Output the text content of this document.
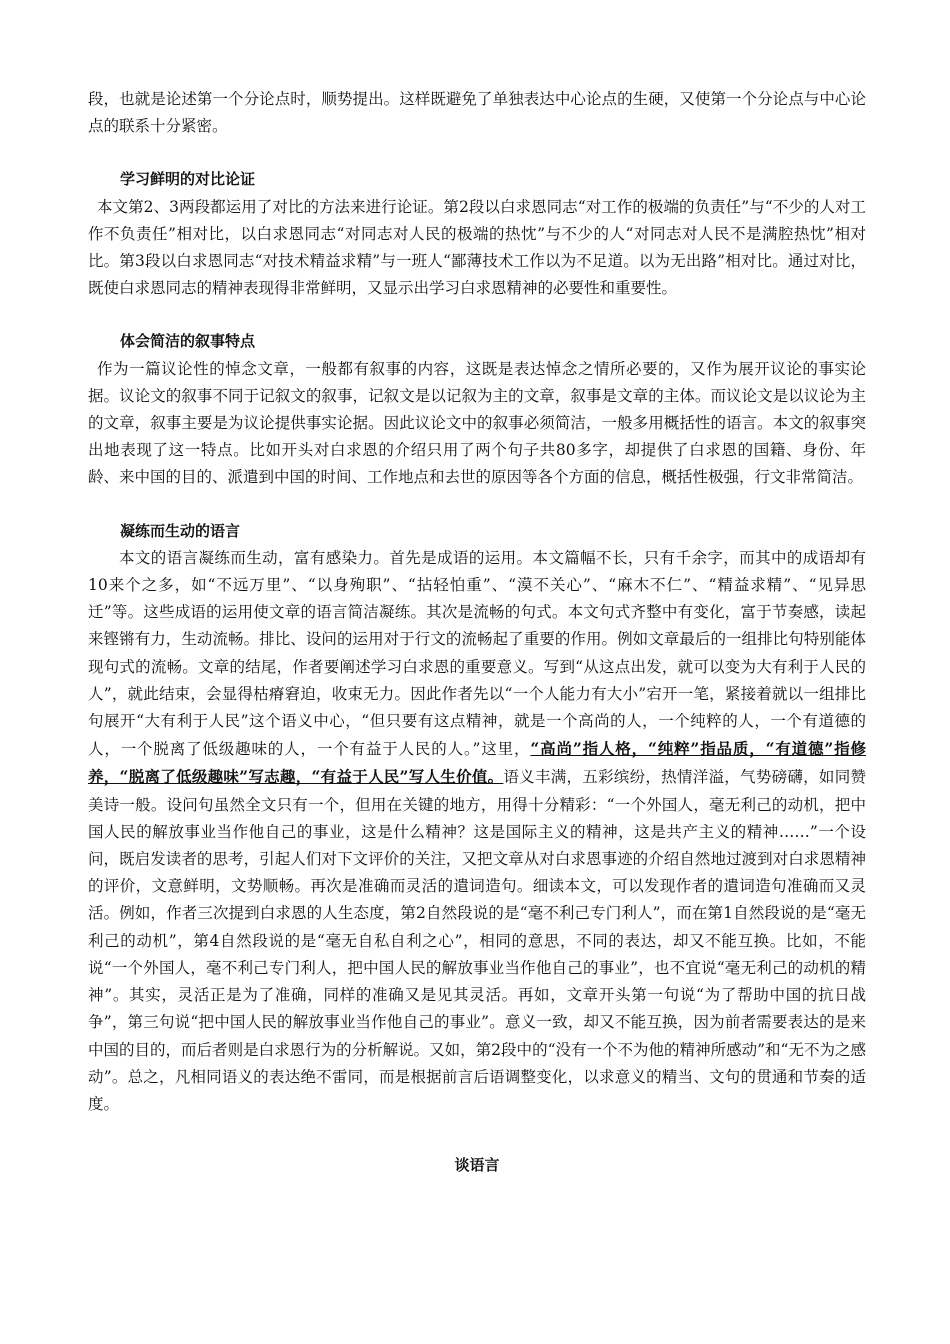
段，也就是论述第一个分论点时，顺势提出。这样既避免了单独表达中心论点的生硬，又使第一个分论点与中心论点的联系十分紧密。

学习鲜明的对比论证

本文第2、3两段都运用了对比的方法来进行论证。第2段以白求恩同志“对工作的极端的负责任”与“不少的人对工作不负责任”相对比，以白求恩同志“对同志对人民的极端的热忱”与不少的人“对同志对人民不是满腔热忱”相对比。第3段以白求恩同志“对技术精益求精”与一班人“鄙薄技术工作以为不足道。以为无出路”相对比。通过对比，既使白求恩同志的精神表现得非常鲜明，又显示出学习白求恩精神的必要性和重要性。

体会简洁的叙事特点

作为一篇议论性的悼念文章，一般都有叙事的内容，这既是表达悼念之情所必要的，又作为展开议论的事实论据。议论文的叙事不同于记叙文的叙事，记叙文是以记叙为主的文章，叙事是文章的主体。而议论文是以议论为主的文章，叙事主要是为议论提供事实论据。因此议论文中的叙事必须简洁，一般多用概括性的语言。本文的叙事突出地表现了这一特点。比如开头对白求恩的介绍只用了两个句子共80多字，却提供了白求恩的国籍、身份、年龄、来中国的目的、派遣到中国的时间、工作地点和去世的原因等各个方面的信息，概括性极强，行文非常简洁。

凝练而生动的语言

本文的语言凝练而生动，富有感染力。首先是成语的运用。本文篇幅不长，只有千余字，而其中的成语却有10来个之多，如“不远万里”、“以身殉职”、“拈轻怕重”、“漠不关心”、“麻木不仁”、“精益求精”、“见异思迁”等。这些成语的运用使文章的语言简洁凝练。其次是流畅的句式。本文句式齐整中有变化，富于节奏感，读起来铿锵有力，生动流畅。排比、设问的运用对于行文的流畅起了重要的作用。例如文章最后的一组排比句特别能体现句式的流畅。文章的结尾，作者要阐述学习白求恩的重要意义。写到“从这点出发，就可以变为大有利于人民的人”，就此结束，会显得枯瘠窘迫，收束无力。因此作者先以“一个人能力有大小”宕开一笔，紧接着就以一组排比句展开“大有利于人民”这个语义中心，“但只要有这点精神，就是一个高尚的人，一个纯粹的人，一个有道德的人，一个脱离了低级趣味的人，一个有益于人民的人。”这里，“高尚”指人格，“纯粹”指品质，“有道德”指修养，“脱离了低级趣味”写志趣，“有益于人民”写人生价值。语义丰满，五彩缤纷，热情洋溢，气势磅礴，如同赞美诗一般。设问句虽然全文只有一个，但用在关键的地方，用得十分精彩：“一个外国人，毫无利己的动机，把中国人民的解放事业当作他自己的事业，这是什么精神？这是国际主义的精神，这是共产主义的精神……”一个设问，既启发读者的思考，引起人们对下文评价的关注，又把文章从对白求恩事迹的介绍自然地过渡到对白求恩精神的评价，文意鲜明，文势顺畅。再次是准确而灵活的遣词造句。细读本文，可以发现作者的遣词造句准确而又灵活。例如，作者三次提到白求恩的人生态度，第2自然段说的是“毫不利己专门利人”，而在第1自然段说的是“毫无利己的动机”，第4自然段说的是“毫无自私自利之心”，相同的意思，不同的表达，却又不能互换。比如，不能说“一个外国人，毫不利己专门利人，把中国人民的解放事业当作他自己的事业”，也不宜说“毫无利己的动机的精神”。其实，灵活正是为了准确，同样的准确又是见其灵活。再如，文章开头第一句说“为了帮助中国的抗日战争”，第三句说“把中国人民的解放事业当作他自己的事业”。意义一致，却又不能互换，因为前者需要表达的是来中国的目的，而后者则是白求恩行为的分析解说。又如，第2段中的“没有一个不为他的精神所感动”和“无不为之感动”。总之，凡相同语义的表达绝不雷同，而是根据前言后语调整变化，以求意义的精当、文句的贯通和节奏的适度。

谈语言
